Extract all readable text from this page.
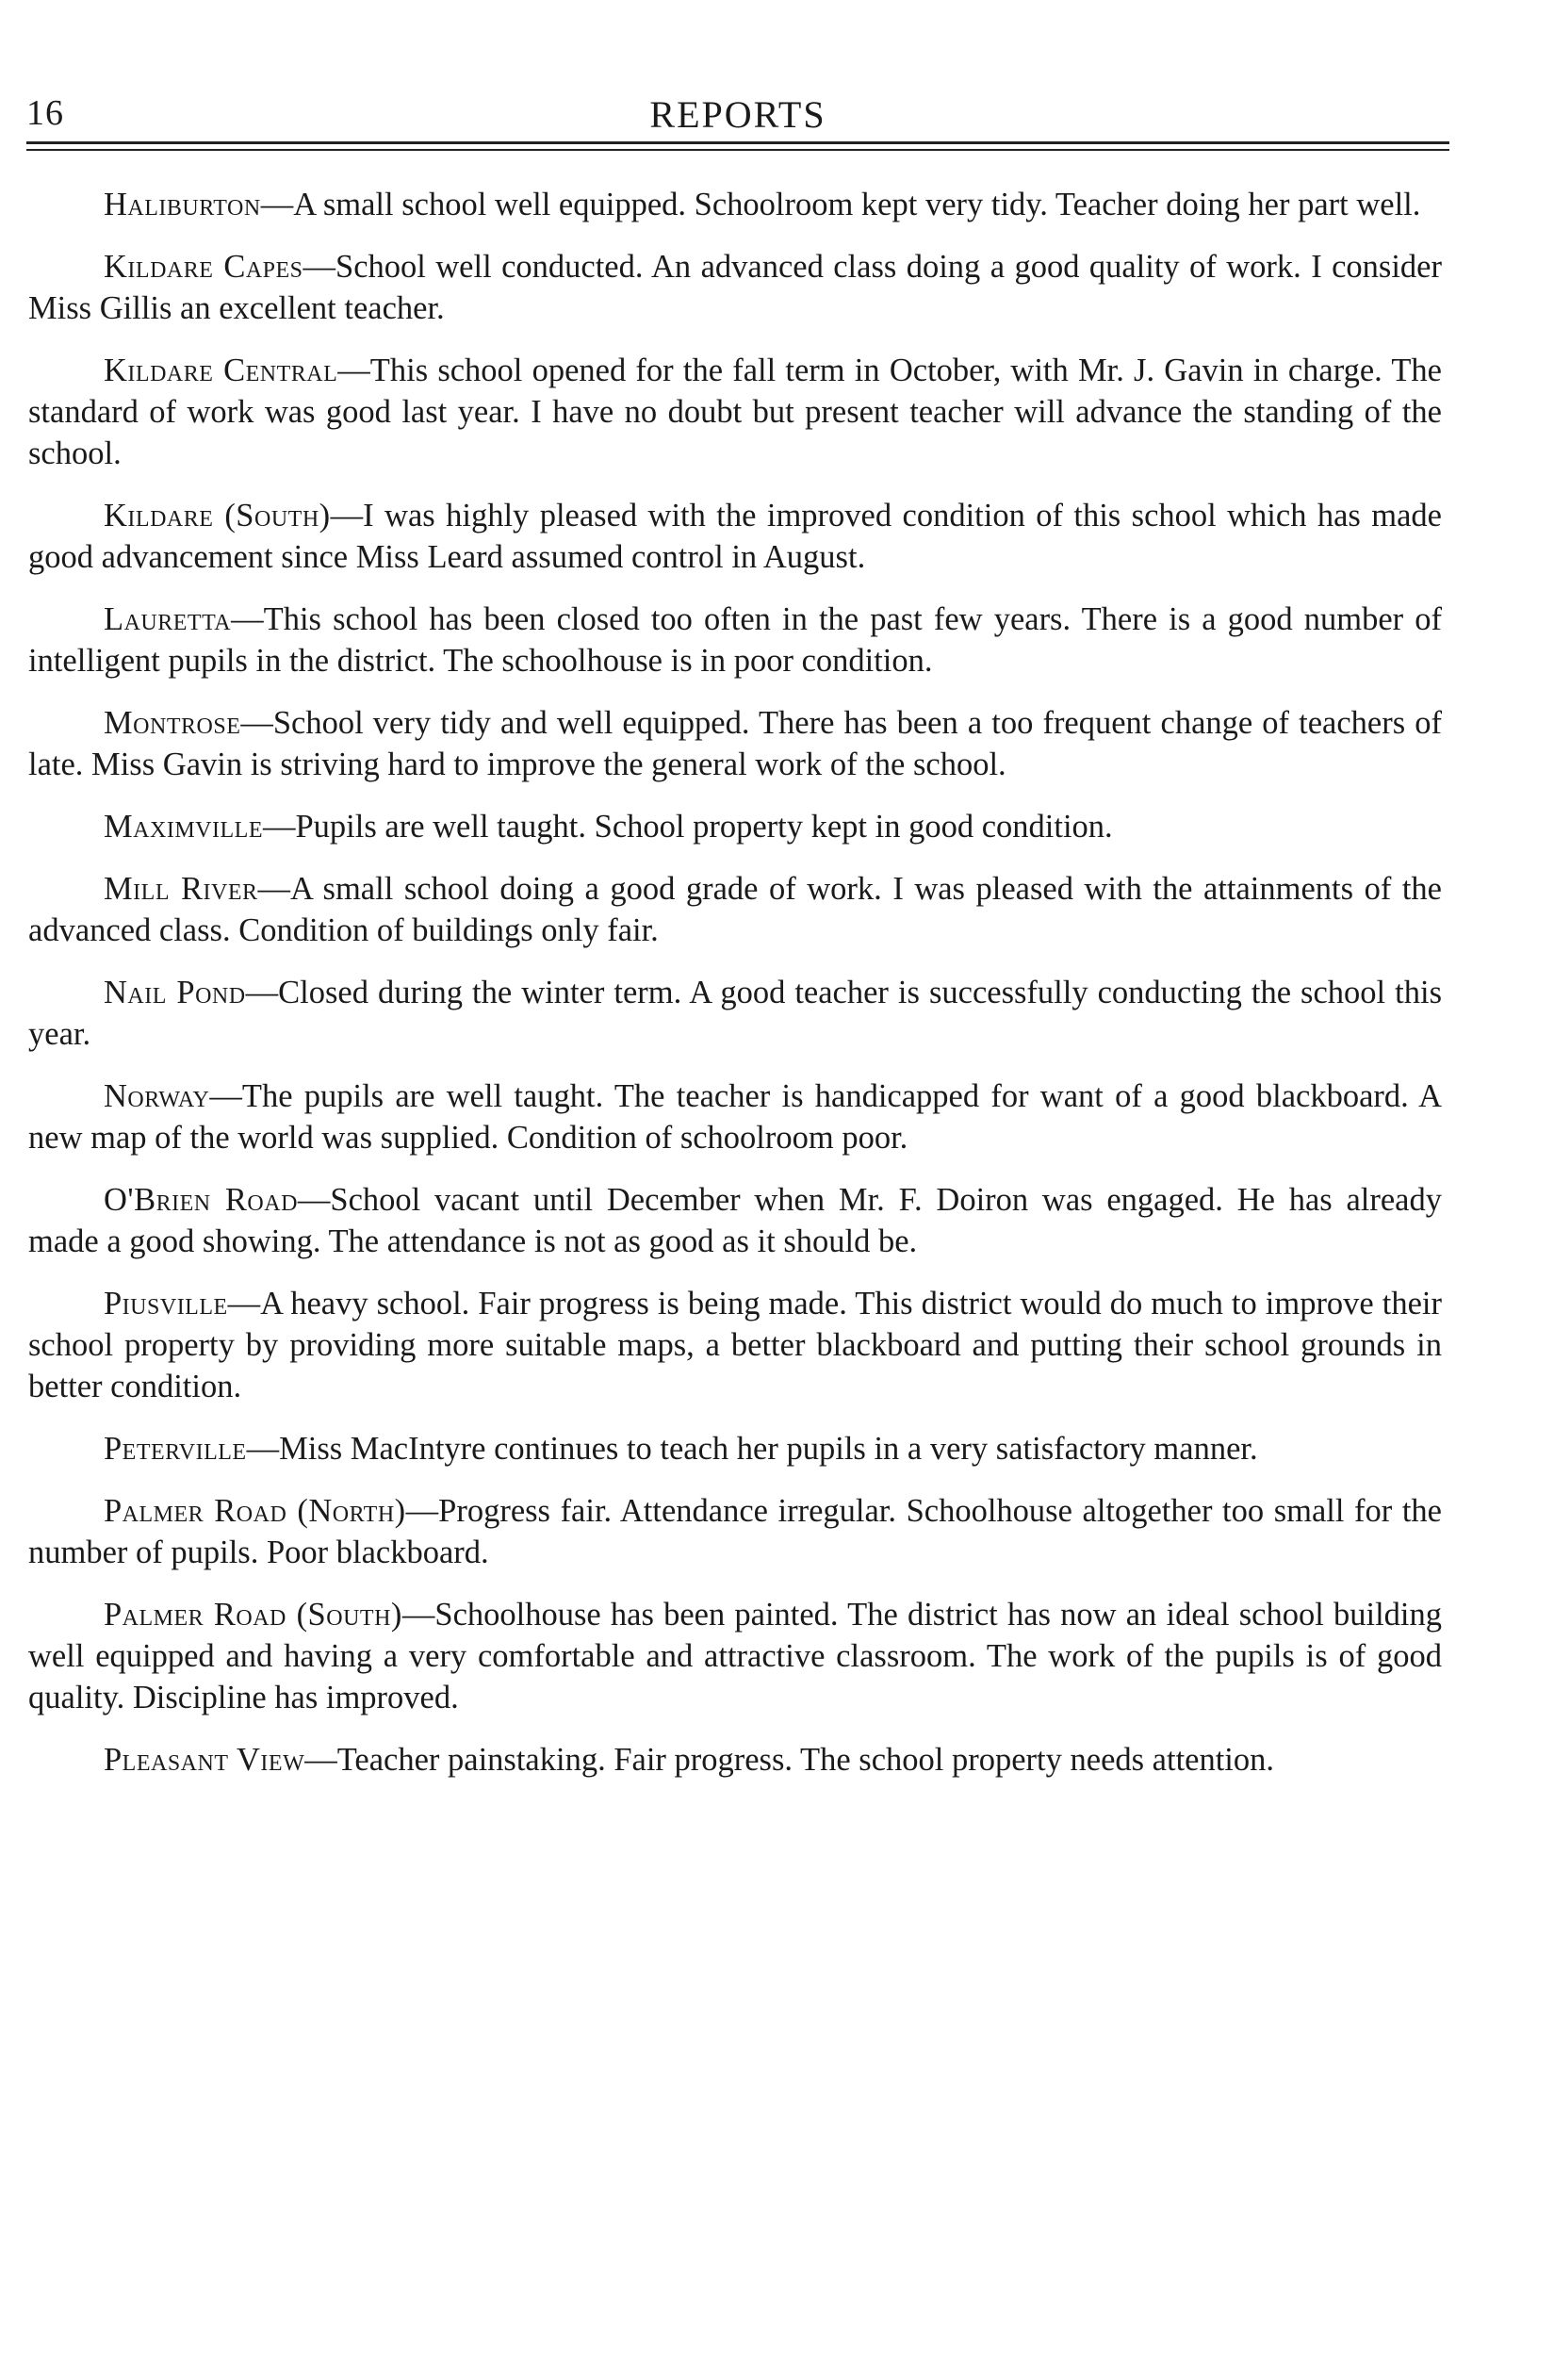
16	REPORTS

Haliburton—A small school well equipped. Schoolroom kept very tidy. Teacher doing her part well.

Kildare Capes—School well conducted. An advanced class doing a good quality of work. I consider Miss Gillis an excellent teacher.

Kildare Central—This school opened for the fall term in October, with Mr. J. Gavin in charge. The standard of work was good last year. I have no doubt but present teacher will advance the standing of the school.

Kildare (South)—I was highly pleased with the improved condition of this school which has made good advancement since Miss Leard assumed control in August.

Lauretta—This school has been closed too often in the past few years. There is a good number of intelligent pupils in the district. The schoolhouse is in poor condition.

Montrose—School very tidy and well equipped. There has been a too frequent change of teachers of late. Miss Gavin is striving hard to improve the general work of the school.

Maximville—Pupils are well taught. School property kept in good condition.

Mill River—A small school doing a good grade of work. I was pleased with the attainments of the advanced class. Condition of buildings only fair.

Nail Pond—Closed during the winter term. A good teacher is successfully conducting the school this year.

Norway—The pupils are well taught. The teacher is handicapped for want of a good blackboard. A new map of the world was supplied. Condition of schoolroom poor.

O'Brien Road—School vacant until December when Mr. F. Doiron was engaged. He has already made a good showing. The attendance is not as good as it should be.

Piusville—A heavy school. Fair progress is being made. This district would do much to improve their school property by providing more suitable maps, a better blackboard and putting their school grounds in better condition.

Peterville—Miss MacIntyre continues to teach her pupils in a very satisfactory manner.

Palmer Road (North)—Progress fair. Attendance irregular. Schoolhouse altogether too small for the number of pupils. Poor blackboard.

Palmer Road (South)—Schoolhouse has been painted. The district has now an ideal school building well equipped and having a very comfortable and attractive classroom. The work of the pupils is of good quality. Discipline has improved.

Pleasant View—Teacher painstaking. Fair progress. The school property needs attention.
